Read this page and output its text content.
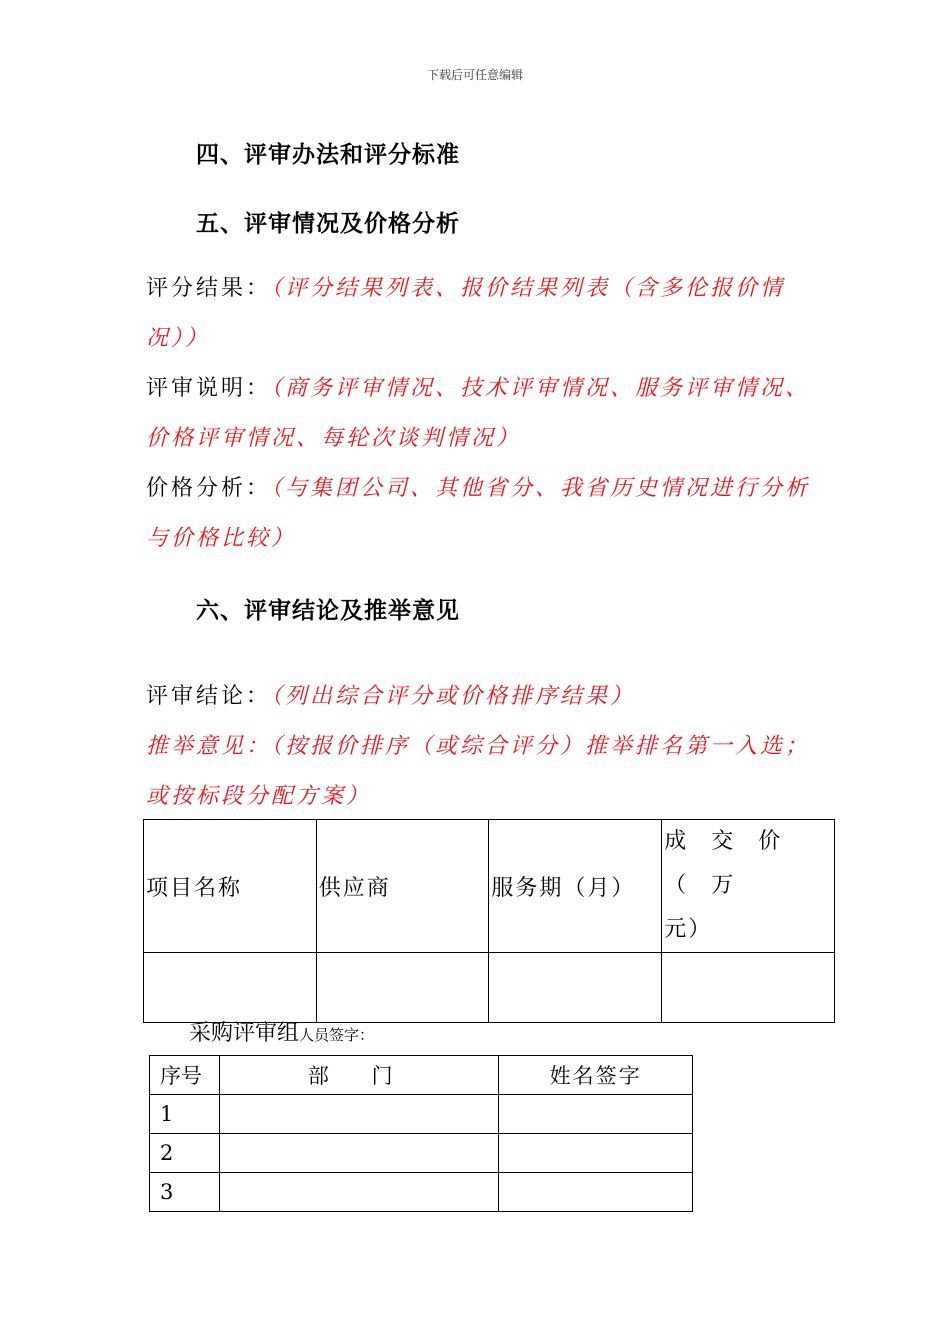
下载后可任意编辑
四、评审办法和评分标准
五、评审情况及价格分析
评分结果：（评分结果列表、报价结果列表（含多伦报价情
况））
评审说明：（商务评审情况、技术评审情况、服务评审情况、
价格评审情况、每轮次谈判情况）
价格分析：（与集团公司、其他省分、我省历史情况进行分析
与价格比较）
六、评审结论及推举意见
评审结论：（列出综合评分或价格排序结果）
推举意见：（按报价排序（或综合评分）推举排名第一入选；
或按标段分配方案）
项目名称	供应商	服务期（月）	成 交 价 （ 万
元）

采购评审组人员签字：
序号	部 门	姓名签字
1		
2		
3		
